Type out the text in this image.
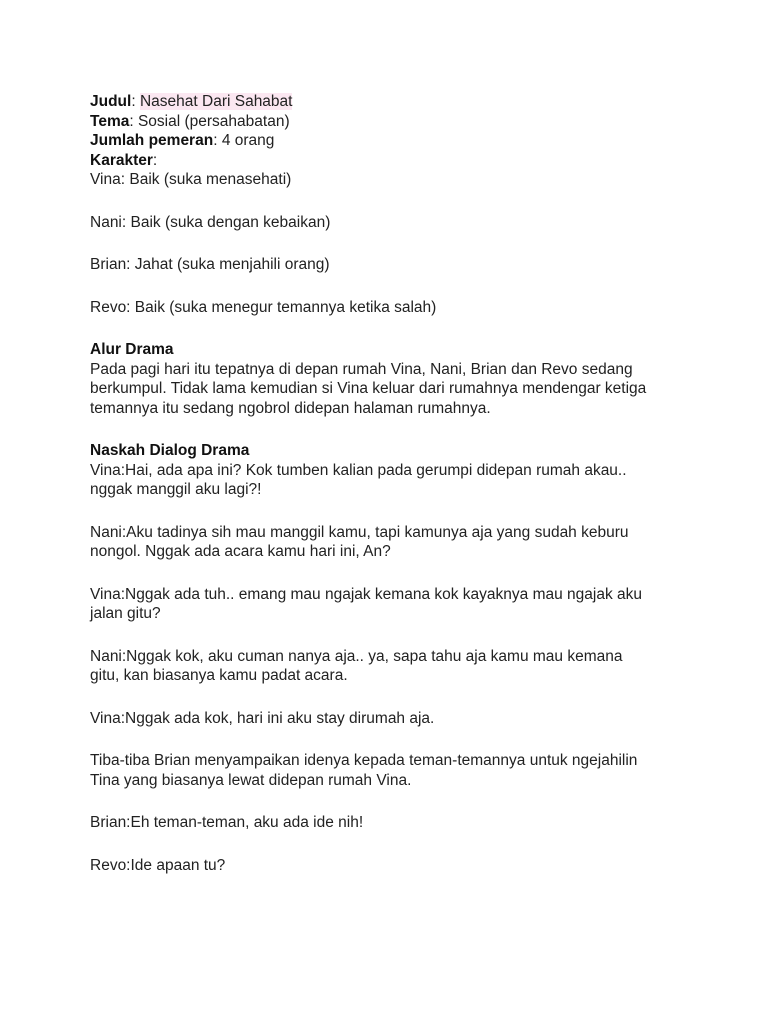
Judul: Nasehat Dari Sahabat
Tema: Sosial (persahabatan)
Jumlah pemeran: 4 orang
Karakter:
Vina: Baik (suka menasehati)
Nani: Baik (suka dengan kebaikan)
Brian: Jahat (suka menjahili orang)
Revo: Baik (suka menegur temannya ketika salah)
Alur Drama
Pada pagi hari itu tepatnya di depan rumah Vina, Nani, Brian dan Revo sedang
berkumpul. Tidak lama kemudian si Vina keluar dari rumahnya mendengar ketiga
temannya itu sedang ngobrol didepan halaman rumahnya.
Naskah Dialog Drama
Vina:Hai, ada apa ini? Kok tumben kalian pada gerumpi didepan rumah akau..
nggak manggil aku lagi?!
Nani:Aku tadinya sih mau manggil kamu, tapi kamunya aja yang sudah keburu
nongol. Nggak ada acara kamu hari ini, An?
Vina:Nggak ada tuh.. emang mau ngajak kemana kok kayaknya mau ngajak aku
jalan gitu?
Nani:Nggak kok, aku cuman nanya aja.. ya, sapa tahu aja kamu mau kemana
gitu, kan biasanya kamu padat acara.
Vina:Nggak ada kok, hari ini aku stay dirumah aja.
Tiba-tiba Brian menyampaikan idenya kepada teman-temannya untuk ngejahilin
Tina yang biasanya lewat didepan rumah Vina.
Brian:Eh teman-teman, aku ada ide nih!
Revo:Ide apaan tu?
